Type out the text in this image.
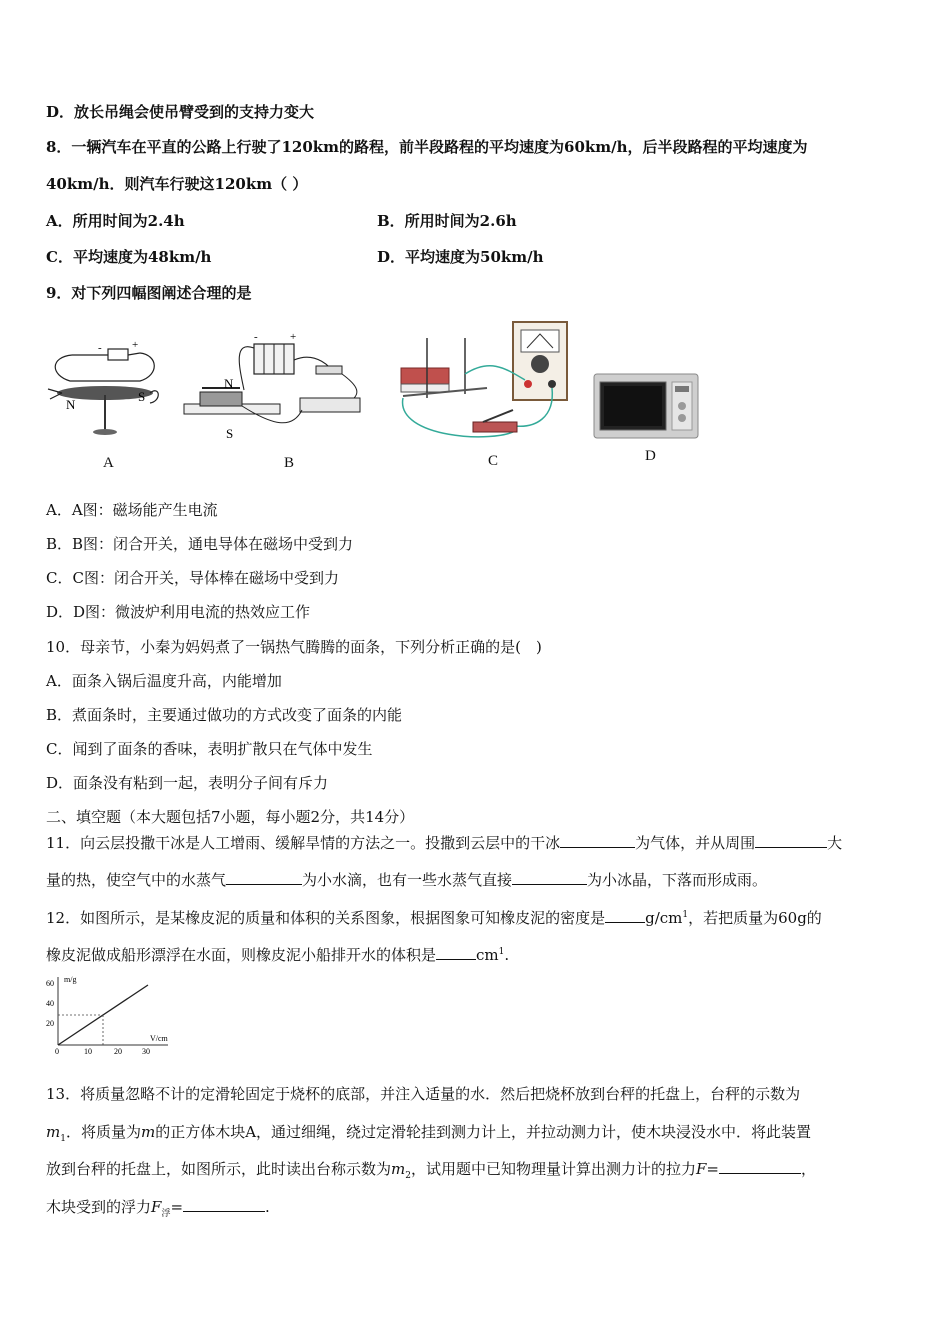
D．放长吊绳会使吊臂受到的支持力变大
8．一辆汽车在平直的公路上行驶了120km的路程，前半段路程的平均速度为60km/h，后半段路程的平均速度为
40km/h．则汽车行驶这120km（ ）
A．所用时间为2.4h	B．所用时间为2.6h
C．平均速度为48km/h	D．平均速度为50km/h
9．对下列四幅图阐述合理的是
-	+
N
S
-	+
N
S
A	B	C	D
A．A图：磁场能产生电流
B．B图：闭合开关，通电导体在磁场中受到力
C．C图：闭合开关，导体棒在磁场中受到力
D．D图：微波炉利用电流的热效应工作
10．母亲节，小秦为妈妈煮了一锅热气腾腾的面条，下列分析正确的是(　)
A．面条入锅后温度升高，内能增加
B．煮面条时，主要通过做功的方式改变了面条的内能
C．闻到了面条的香味，表明扩散只在气体中发生
D．面条没有粘到一起，表明分子间有斥力
二、填空题（本大题包括7小题，每小题2分，共14分）
11．向云层投撒干冰是人工增雨、缓解旱情的方法之一。投撒到云层中的干冰	为气体，并从周围	大
量的热，使空气中的水蒸气	为小水滴，也有一些水蒸气直接	为小冰晶，下落而形成雨。
12．如图所示，是某橡皮泥的质量和体积的关系图象，根据图象可知橡皮泥的密度是	$g/cm^1$，若把质量为60g的
橡皮泥做成船形漂浮在水面，则橡皮泥小船排开水的体积是	$cm^1$.
m/g
V/cm
60
40
20
0	10	20	30
13．将质量忽略不计的定滑轮固定于烧杯的底部，并注入适量的水．然后把烧杯放到台秤的托盘上，台秤的示数为
$m_1$．将质量为m的正方体木块A，通过细绳，绕过定滑轮挂到测力计上，并拉动测力计，使木块浸没水中．将此装置
放到台秤的托盘上，如图所示，此时读出台称示数为$m_2$，试用题中已知物理量计算出测力计的拉力F=	，
木块受到的浮力$F_浮=$	.
